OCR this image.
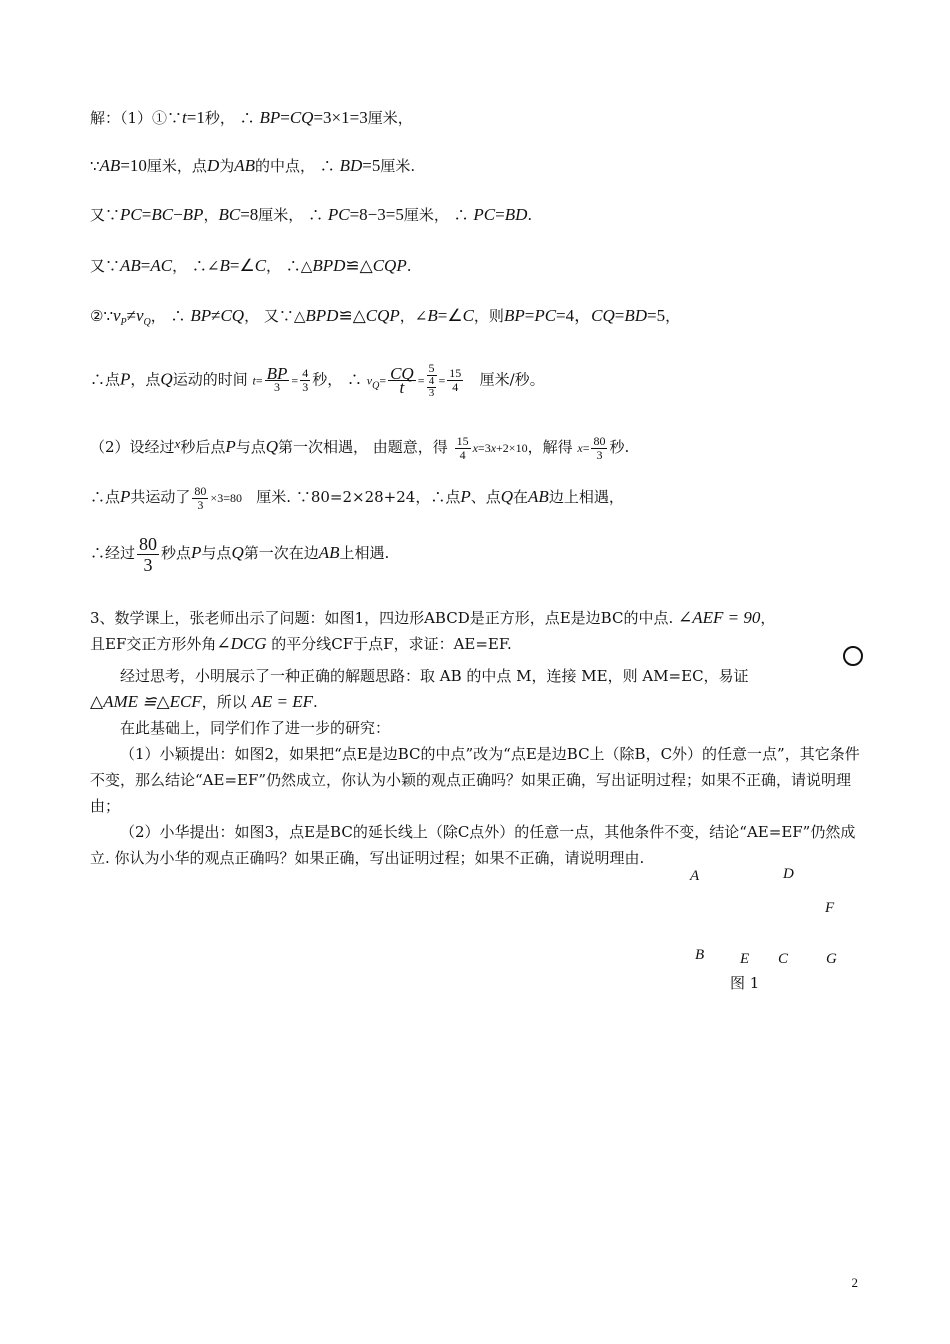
解：（1）①∵t=1秒， ∴ BP=CQ=3×1=3厘米，
∵AB=10厘米，点D为AB的中点， ∴ BD=5厘米.
又∵PC=BC−BP，BC=8厘米， ∴ PC=8−3=5厘米， ∴ PC=BD.
又∵AB=AC， ∴∠B=∠C， ∴△BPD≌△CQP.
$②\because v_P\ne v_Q$， ∴ BP≠CQ， 又∵△BPD≌△CQP，∠B=∠C，则BP=PC=4，CQ=BD=5，
∴点P，点Q运动的时间 $t= \frac{BP}{3} = \frac{4}{3}$ 秒， ∴ $v_Q= \frac{CQ}{t} = \frac{5}{\frac{4}{3}} = \frac{15}{4}$ 厘米/秒。
（2）设经过x秒后点P与点Q第一次相遇， 由题意，得 $\frac{15}{4} x=3x+2\times 10$，解得 $x= \frac{80}{3}$ 秒.
∴点P共运动了 $\frac{80}{3} \times 3=80$ 厘米. ∵80=2×28+24，∴点P、点Q在AB边上相遇，
∴经过 $\frac{80}{3}$ 秒点P与点Q第一次在边AB上相遇.
3、数学课上，张老师出示了问题：如图1，四边形ABCD是正方形，点E是边BC的中点. ∠AEF = 90，
且EF交正方形外角∠DCG 的平分线CF于点F，求证：AE=EF.
经过思考，小明展示了一种正确的解题思路：取 AB 的中点 M，连接 ME，则 AM=EC，易证
△AME ≌△ECF，所以 AE = EF.
在此基础上，同学们作了进一步的研究：
（1）小颖提出：如图2，如果把“点E是边BC的中点”改为“点E是边BC上（除B，C外）的任意一点”，其它条件不变，那么结论“AE=EF”仍然成立，你认为小颖的观点正确吗？如果正确，写出证明过程；如果不正确，请说明理由；
（2）小华提出：如图3，点E是BC的延长线上（除C点外）的任意一点，其他条件不变，结论“AE=EF”仍然成立. 你认为小华的观点正确吗？如果正确，写出证明过程；如果不正确，请说明理由.
A	D
F
B E C	G
图 1
2
